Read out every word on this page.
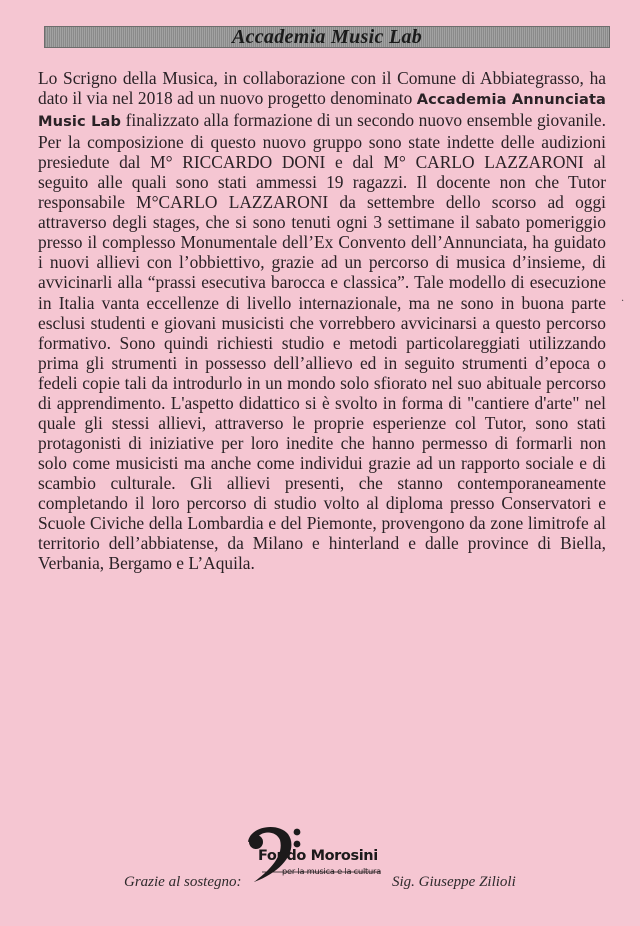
Accademia Music Lab

Lo Scrigno della Musica, in collaborazione con il Comune di Abbiategrasso, ha dato il via nel 2018 ad un nuovo progetto denominato Accademia Annunciata Music Lab finalizzato alla formazione di un secondo nuovo ensemble giovanile. Per la composizione di questo nuovo gruppo sono state indette delle audizioni presiedute dal M° RICCARDO DONI e dal M° CARLO LAZZARONI al seguito alle quali sono stati ammessi 19 ragazzi. Il docente non che Tutor responsabile M°CARLO LAZZARONI da settembre dello scorso ad oggi attraverso degli stages, che si sono tenuti ogni 3 settimane il sabato pomeriggio presso il complesso Monumentale dell’Ex Convento dell’Annunciata, ha guidato i nuovi allievi con l’obbiettivo, grazie ad un percorso di musica d’insieme, di avvicinarli alla “prassi esecutiva barocca e classica”. Tale modello di esecuzione in Italia vanta eccellenze di livello internazionale, ma ne sono in buona parte esclusi studenti e giovani musicisti che vorrebbero avvicinarsi a questo percorso formativo. Sono quindi richiesti studio e metodi particolareggiati utilizzando prima gli strumenti in possesso dell’allievo ed in seguito strumenti d’epoca o fedeli copie tali da introdurlo in un mondo solo sfiorato nel suo abituale percorso di apprendimento. L'aspetto didattico si è svolto in forma di "cantiere d'arte" nel quale gli stessi allievi, attraverso le proprie esperienze col Tutor, sono stati protagonisti di iniziative per loro inedite che hanno permesso di formarli non solo come musicisti ma anche come individui grazie ad un rapporto sociale e di scambio culturale. Gli allievi presenti, che stanno contemporaneamente completando il loro percorso di studio volto al diploma presso Conservatori e Scuole Civiche della Lombardia e del Piemonte, provengono da zone limitrofe al territorio dell’abbiatense, da Milano e hinterland e dalle province di Biella, Verbania, Bergamo e L’Aquila.

·
Grazie al sostegno:
Fondo Morosini
per la musica e la cultura
Sig. Giuseppe Zilioli
